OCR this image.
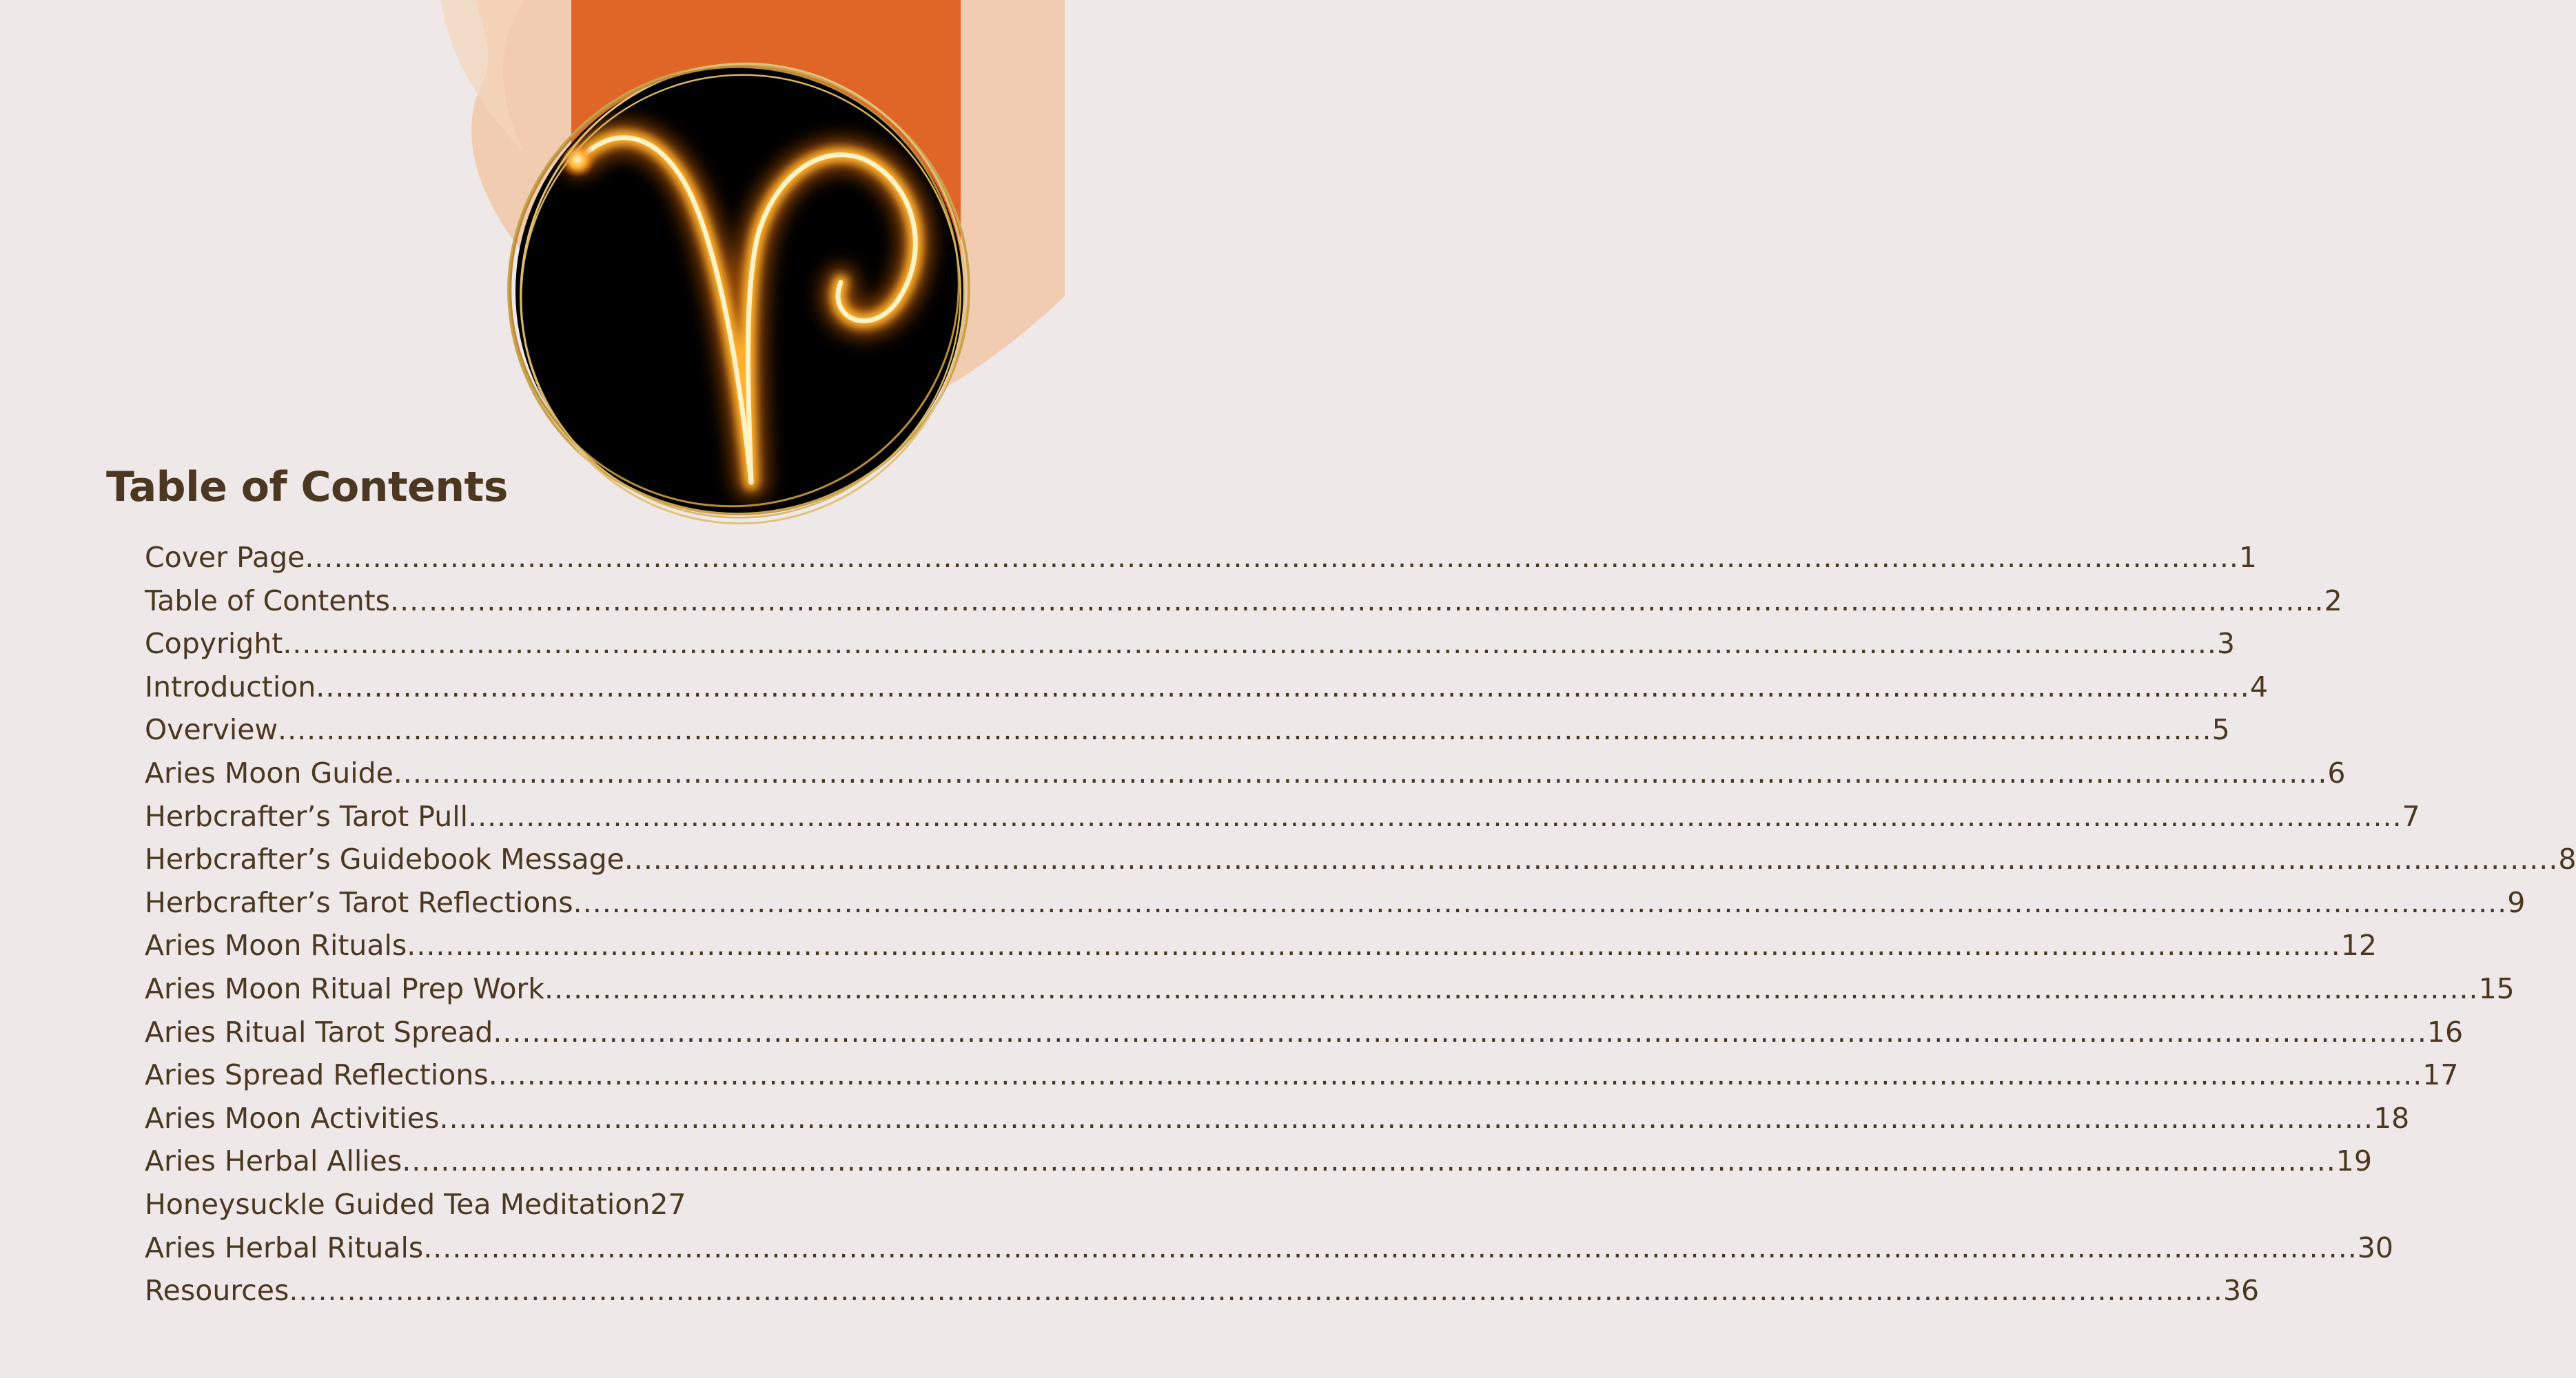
Table of Contents
Cover Page ........................................................................................................................................................................................................ 1
Table of Contents ........................................................................................................................................................................................................ 2
Copyright ........................................................................................................................................................................................................ 3
Introduction ........................................................................................................................................................................................................ 4
Overview ........................................................................................................................................................................................................ 5
Aries Moon Guide ........................................................................................................................................................................................................ 6
Herbcrafter’s Tarot Pull ........................................................................................................................................................................................................ 7
Herbcrafter’s Guidebook Message ........................................................................................................................................................................................................ 8
Herbcrafter’s Tarot Reflections ........................................................................................................................................................................................................ 9
Aries Moon Rituals ........................................................................................................................................................................................................ 12
Aries Moon Ritual Prep Work ........................................................................................................................................................................................................ 15
Aries Ritual Tarot Spread ........................................................................................................................................................................................................ 16
Aries Spread Reflections ........................................................................................................................................................................................................ 17
Aries Moon Activities ........................................................................................................................................................................................................ 18
Aries Herbal Allies ........................................................................................................................................................................................................ 19
Honeysuckle Guided Tea Meditation 27
Aries Herbal Rituals ........................................................................................................................................................................................................ 30
Resources ........................................................................................................................................................................................................ 36
